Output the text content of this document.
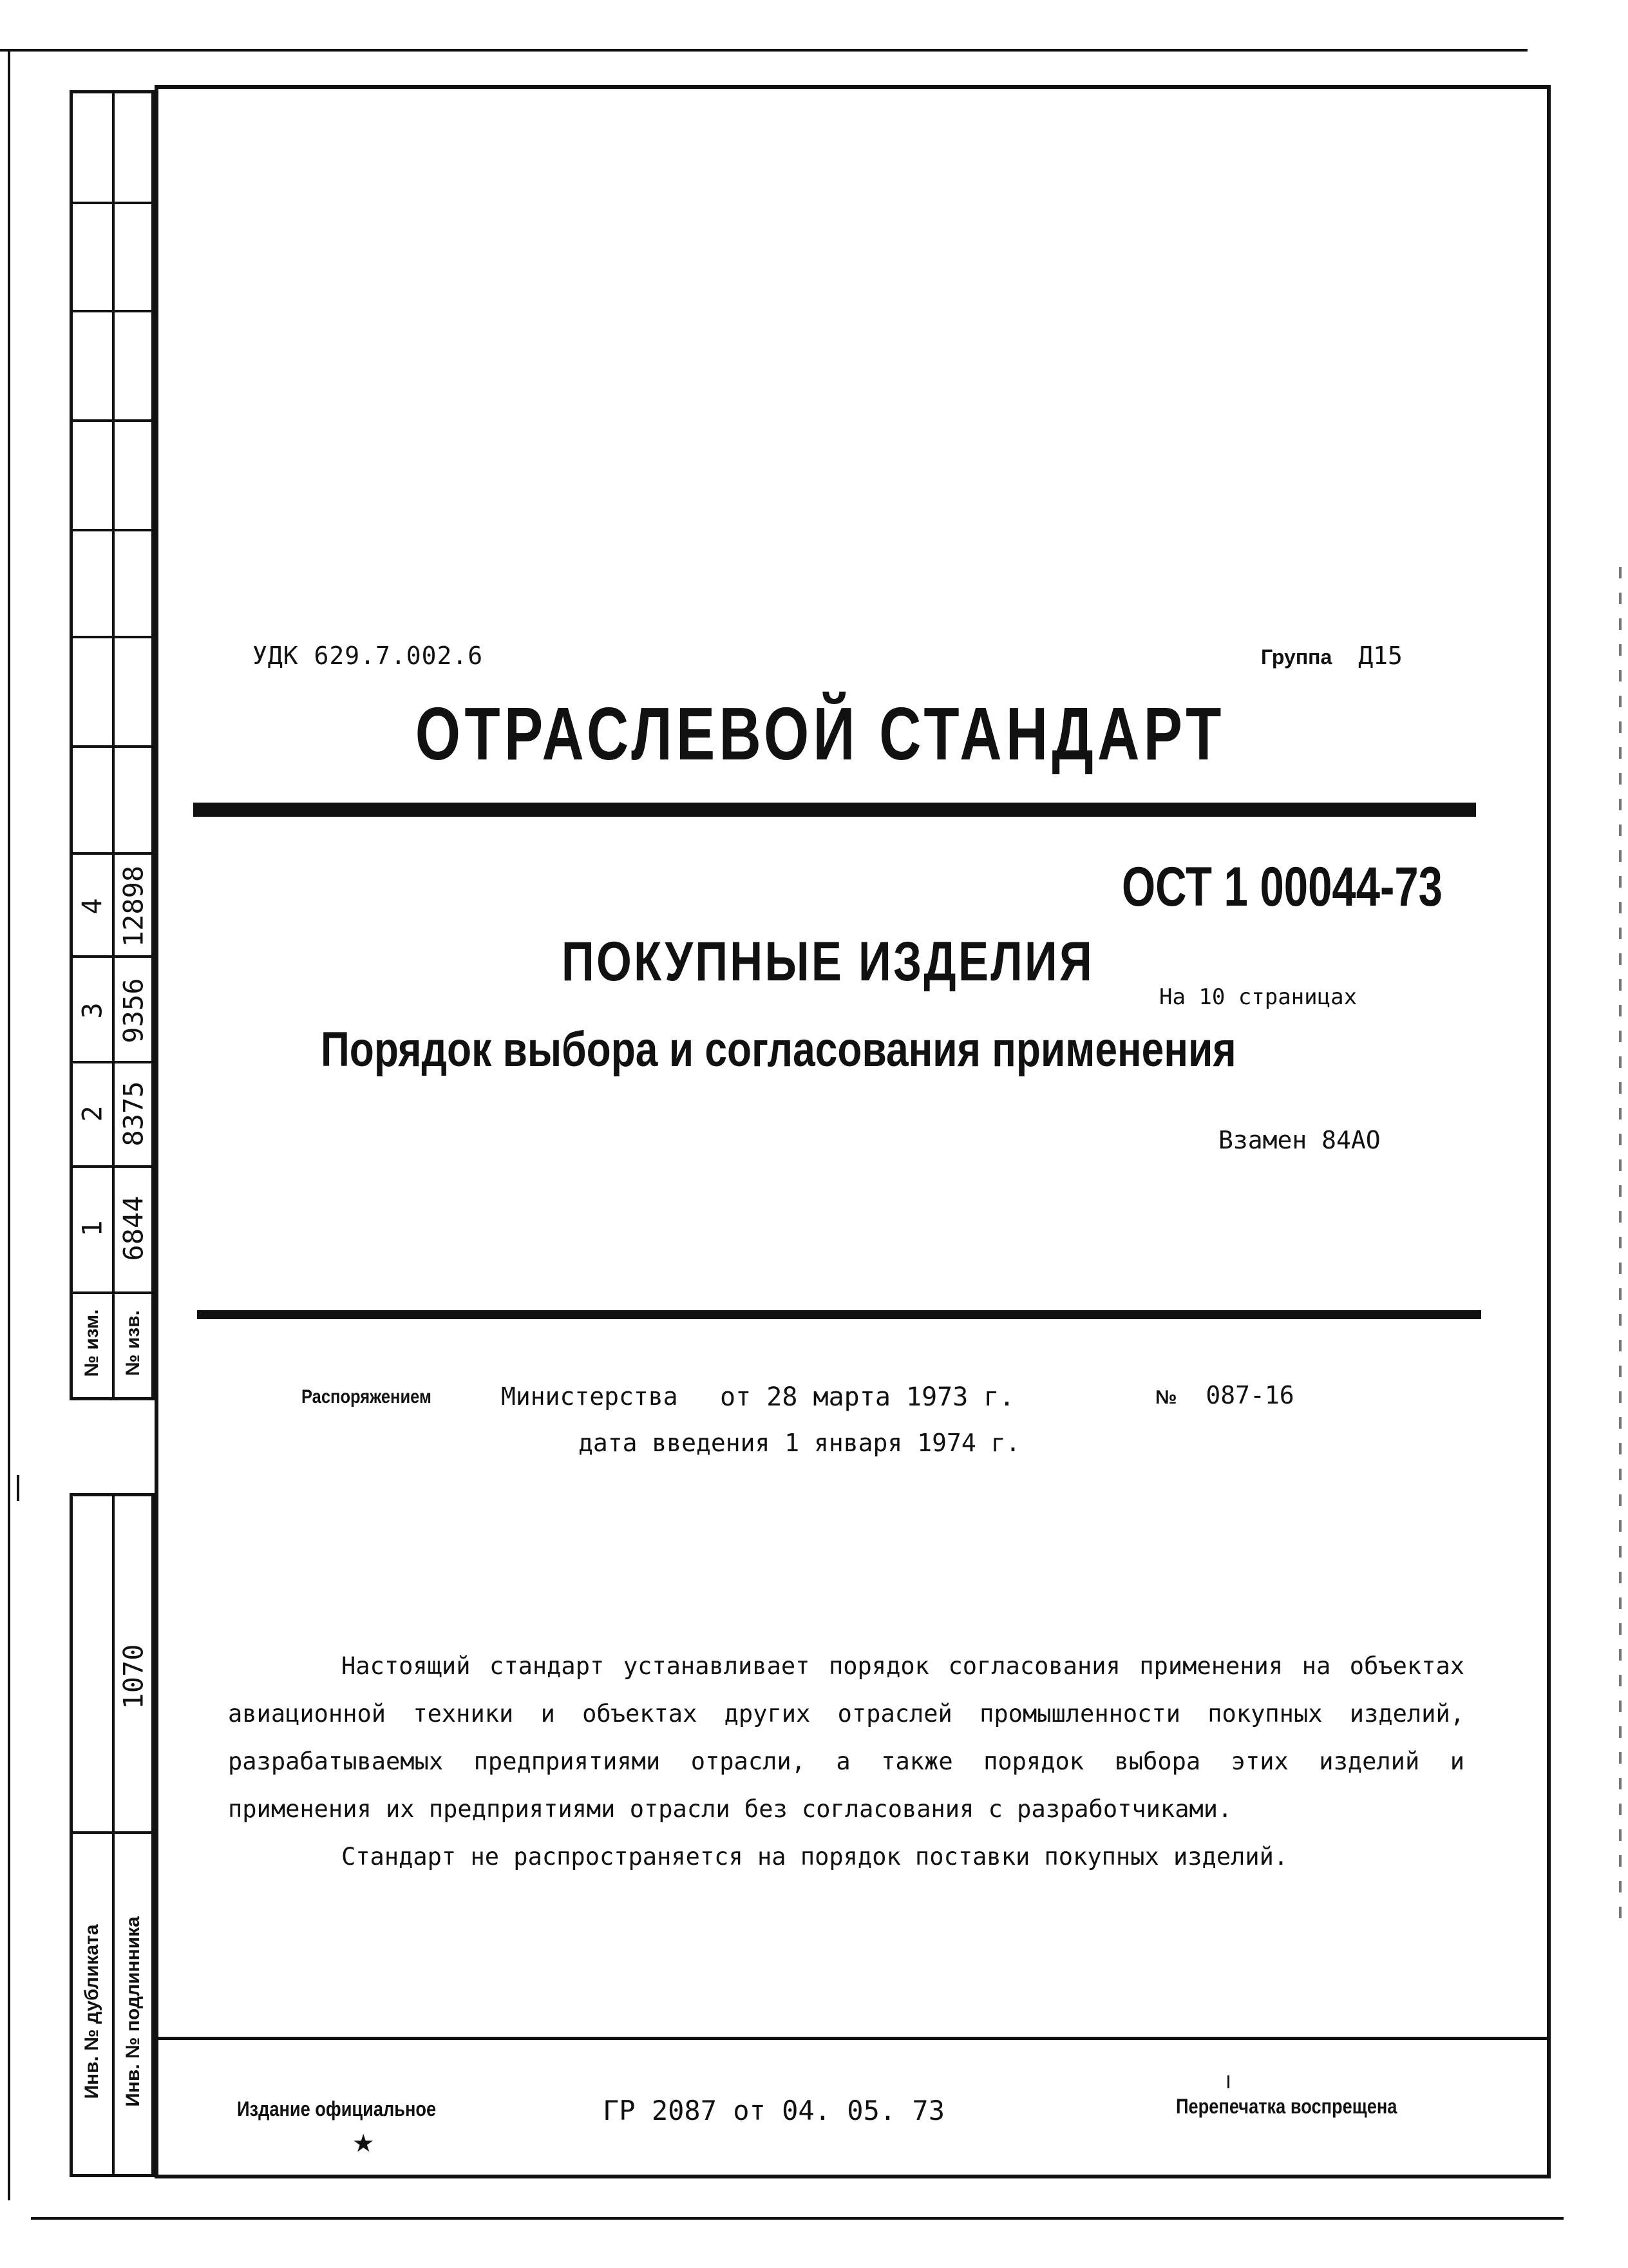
4 12898
3 9356
2 8375
1 6844
№ изм. № изв.
1070
Инв. № дубликата Инв. № подлинника
УДК 629.7.002.6	Группа Д15
ОТРАСЛЕВОЙ СТАНДАРТ
ОСТ 1 00044-73
ПОКУПНЫЕ ИЗДЕЛИЯ
На 10 страницах
Порядок выбора и согласования применения
Взамен 84АО
Распоряжением	Министерства от 28 марта 1973 г.	№ 087-16
дата введения 1 января 1974 г.

Настоящий стандарт устанавливает порядок согласования применения на объектах авиационной техники и объектах других отраслей промышленности покупных изделий, разрабатываемых предприятиями отрасли, а также порядок выбора этих изделий и применения их предприятиями отрасли без согласования с разработчиками.

Стандарт не распространяется на порядок поставки покупных изделий.

Издание официальное
★
ГР 2087 от 04. 05. 73	Перепечатка воспрещена
